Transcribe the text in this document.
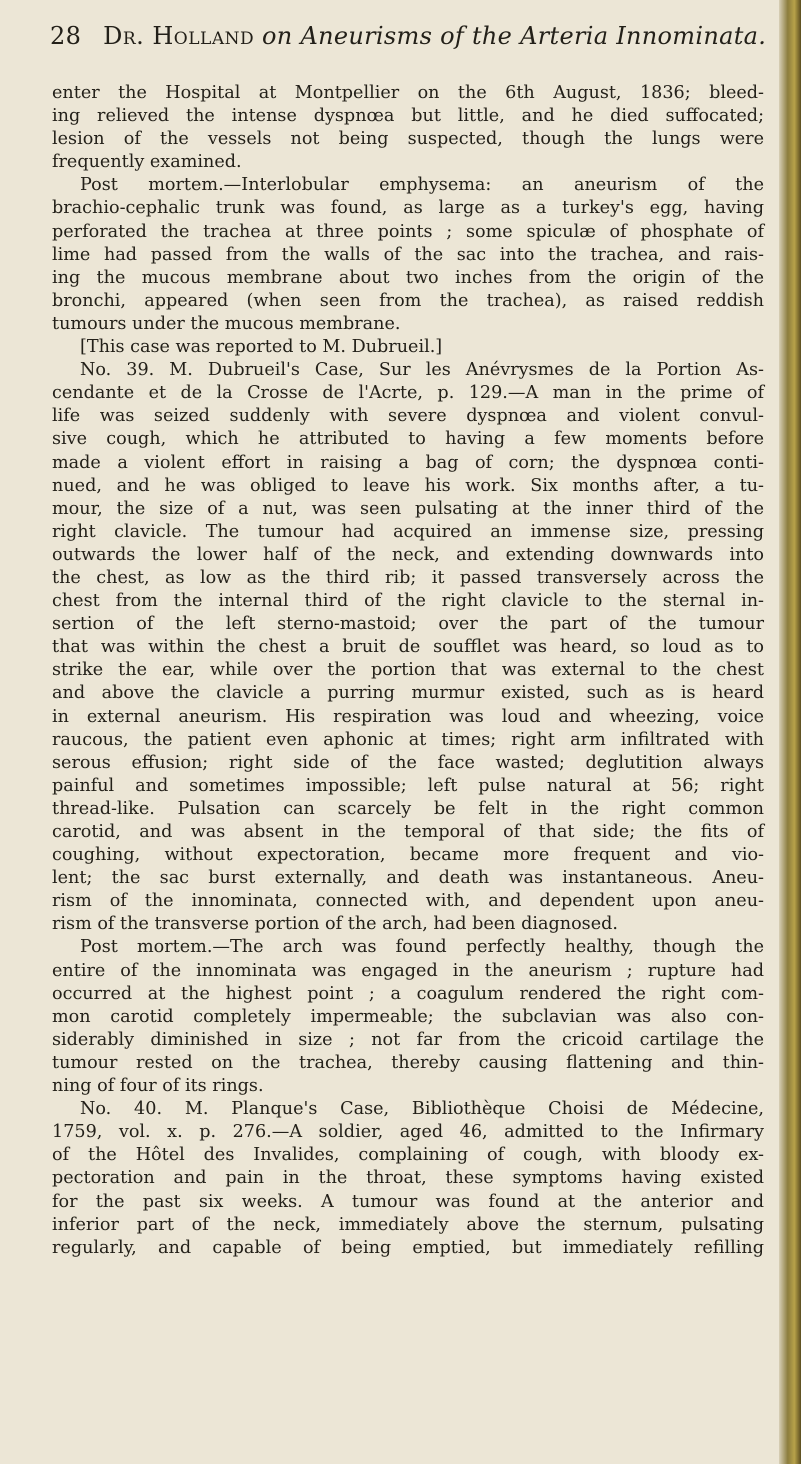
28 Dr. Holland on Aneurisms of the Arteria Innominata.
enter the Hospital at Montpellier on the 6th August, 1836; bleed-
ing relieved the intense dyspnœa but little, and he died suffocated;
lesion of the vessels not being suspected, though the lungs were
frequently examined.
Post mortem.—Interlobular emphysema: an aneurism of the
brachio-cephalic trunk was found, as large as a turkey's egg, having
perforated the trachea at three points ; some spiculæ of phosphate of
lime had passed from the walls of the sac into the trachea, and rais-
ing the mucous membrane about two inches from the origin of the
bronchi, appeared (when seen from the trachea), as raised reddish
tumours under the mucous membrane.
[This case was reported to M. Dubrueil.]
No. 39. M. Dubrueil's Case, Sur les Anévrysmes de la Portion As-
cendante et de la Crosse de l'Acrte, p. 129.—A man in the prime of
life was seized suddenly with severe dyspnœa and violent convul-
sive cough, which he attributed to having a few moments before
made a violent effort in raising a bag of corn; the dyspnœa conti-
nued, and he was obliged to leave his work. Six months after, a tu-
mour, the size of a nut, was seen pulsating at the inner third of the
right clavicle. The tumour had acquired an immense size, pressing
outwards the lower half of the neck, and extending downwards into
the chest, as low as the third rib; it passed transversely across the
chest from the internal third of the right clavicle to the sternal in-
sertion of the left sterno-mastoid; over the part of the tumour
that was within the chest a bruit de soufflet was heard, so loud as to
strike the ear, while over the portion that was external to the chest
and above the clavicle a purring murmur existed, such as is heard
in external aneurism. His respiration was loud and wheezing, voice
raucous, the patient even aphonic at times; right arm infiltrated with
serous effusion; right side of the face wasted; deglutition always
painful and sometimes impossible; left pulse natural at 56; right
thread-like. Pulsation can scarcely be felt in the right common
carotid, and was absent in the temporal of that side; the fits of
coughing, without expectoration, became more frequent and vio-
lent; the sac burst externally, and death was instantaneous. Aneu-
rism of the innominata, connected with, and dependent upon aneu-
rism of the transverse portion of the arch, had been diagnosed.
Post mortem.—The arch was found perfectly healthy, though the
entire of the innominata was engaged in the aneurism ; rupture had
occurred at the highest point ; a coagulum rendered the right com-
mon carotid completely impermeable; the subclavian was also con-
siderably diminished in size ; not far from the cricoid cartilage the
tumour rested on the trachea, thereby causing flattening and thin-
ning of four of its rings.
No. 40. M. Planque's Case, Bibliothèque Choisi de Médecine,
1759, vol. x. p. 276.—A soldier, aged 46, admitted to the Infirmary
of the Hôtel des Invalides, complaining of cough, with bloody ex-
pectoration and pain in the throat, these symptoms having existed
for the past six weeks. A tumour was found at the anterior and
inferior part of the neck, immediately above the sternum, pulsating
regularly, and capable of being emptied, but immediately refilling
